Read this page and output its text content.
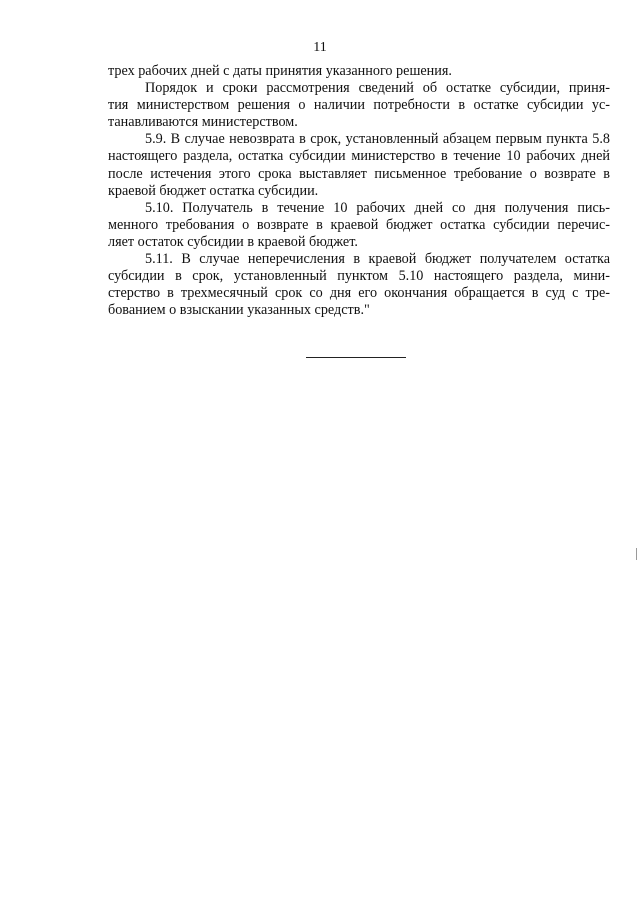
11
трех рабочих дней с даты принятия указанного решения.
Порядок и сроки рассмотрения сведений об остатке субсидии, приня-
тия министерством решения о наличии потребности в остатке субсидии ус-
танавливаются министерством.
5.9. В случае невозврата в срок, установленный абзацем первым пункта 5.8
настоящего раздела, остатка субсидии министерство в течение 10 рабочих дней
после истечения этого срока выставляет письменное требование о возврате в
краевой бюджет остатка субсидии.
5.10. Получатель в течение 10 рабочих дней со дня получения пись-
менного требования о возврате в краевой бюджет остатка субсидии перечис-
ляет остаток субсидии в краевой бюджет.
5.11. В случае неперечисления в краевой бюджет получателем остатка
субсидии в срок, установленный пунктом 5.10 настоящего раздела, мини-
стерство в трехмесячный срок со дня его окончания обращается в суд с тре-
бованием о взыскании указанных средств."
